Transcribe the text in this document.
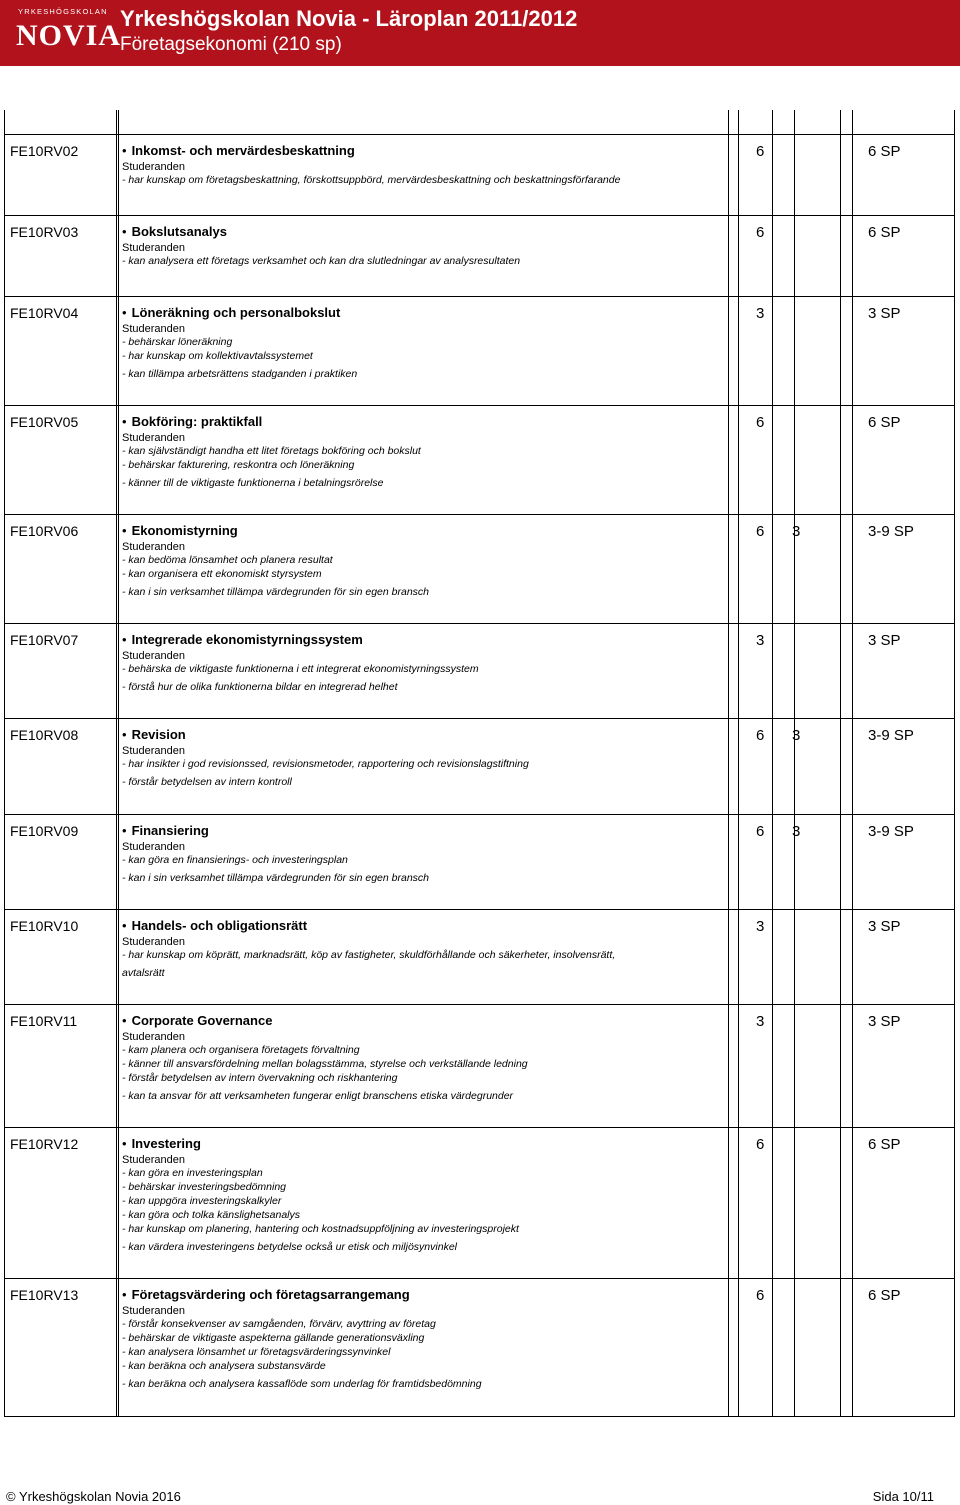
YRKESHÖGSKOLAN
NOVIA
Yrkeshögskolan Novia - Läroplan 2011/2012
Företagsekonomi (210 sp)
FE10RV02	• Inkomst- och mervärdesbeskattning
Studeranden
- har kunskap om företagsbeskattning, förskottsuppbörd, mervärdesbeskattning och beskattningsförfarande
6	6 SP
FE10RV03	• Bokslutsanalys
Studeranden
- kan analysera ett företags verksamhet och kan dra slutledningar av analysresultaten
6	6 SP
FE10RV04	• Löneräkning och personalbokslut
Studeranden
- behärskar löneräkning
- har kunskap om kollektivavtalssystemet
- kan tillämpa arbetsrättens stadganden i praktiken
3	3 SP
FE10RV05	• Bokföring: praktikfall
Studeranden
- kan självständigt handha ett litet företags bokföring och bokslut
- behärskar fakturering, reskontra och löneräkning
- känner till de viktigaste funktionerna i betalningsrörelse
6	6 SP
FE10RV06	• Ekonomistyrning
Studeranden
- kan bedöma lönsamhet och planera resultat
- kan organisera ett ekonomiskt styrsystem
- kan i sin verksamhet tillämpa värdegrunden för sin egen bransch
6 3	3-9 SP
FE10RV07	• Integrerade ekonomistyrningssystem
Studeranden
- behärska de viktigaste funktionerna i ett integrerat ekonomistyrningssystem
- förstå hur de olika funktionerna bildar en integrerad helhet
3	3 SP
FE10RV08	• Revision
Studeranden
- har insikter i god revisionssed, revisionsmetoder, rapportering och revisionslagstiftning
- förstår betydelsen av intern kontroll
6 3	3-9 SP
FE10RV09	• Finansiering
Studeranden
- kan göra en finansierings- och investeringsplan
- kan i sin verksamhet tillämpa värdegrunden för sin egen bransch
6 3	3-9 SP
FE10RV10	• Handels- och obligationsrätt
Studeranden
- har kunskap om köprätt, marknadsrätt, köp av fastigheter, skuldförhållande och säkerheter, insolvensrätt,
avtalsrätt
3	3 SP
FE10RV11	• Corporate Governance
Studeranden
- kam planera och organisera företagets förvaltning
- känner till ansvarsfördelning mellan bolagsstämma, styrelse och verkställande ledning
- förstår betydelsen av intern övervakning och riskhantering
- kan ta ansvar för att verksamheten fungerar enligt branschens etiska värdegrunder
3	3 SP
FE10RV12	• Investering
Studeranden
- kan göra en investeringsplan
- behärskar investeringsbedömning
- kan uppgöra investeringskalkyler
- kan göra och tolka känslighetsanalys
- har kunskap om planering, hantering och kostnadsuppföljning av investeringsprojekt
- kan värdera investeringens betydelse också ur etisk och miljösynvinkel
6	6 SP
FE10RV13	• Företagsvärdering och företagsarrangemang
Studeranden
- förstår konsekvenser av samgåenden, förvärv, avyttring av företag
- behärskar de viktigaste aspekterna gällande generationsväxling
- kan analysera lönsamhet ur företagsvärderingssynvinkel
- kan beräkna och analysera substansvärde
- kan beräkna och analysera kassaflöde som underlag för framtidsbedömning
6	6 SP
© Yrkeshögskolan Novia 2016	Sida 10/11
